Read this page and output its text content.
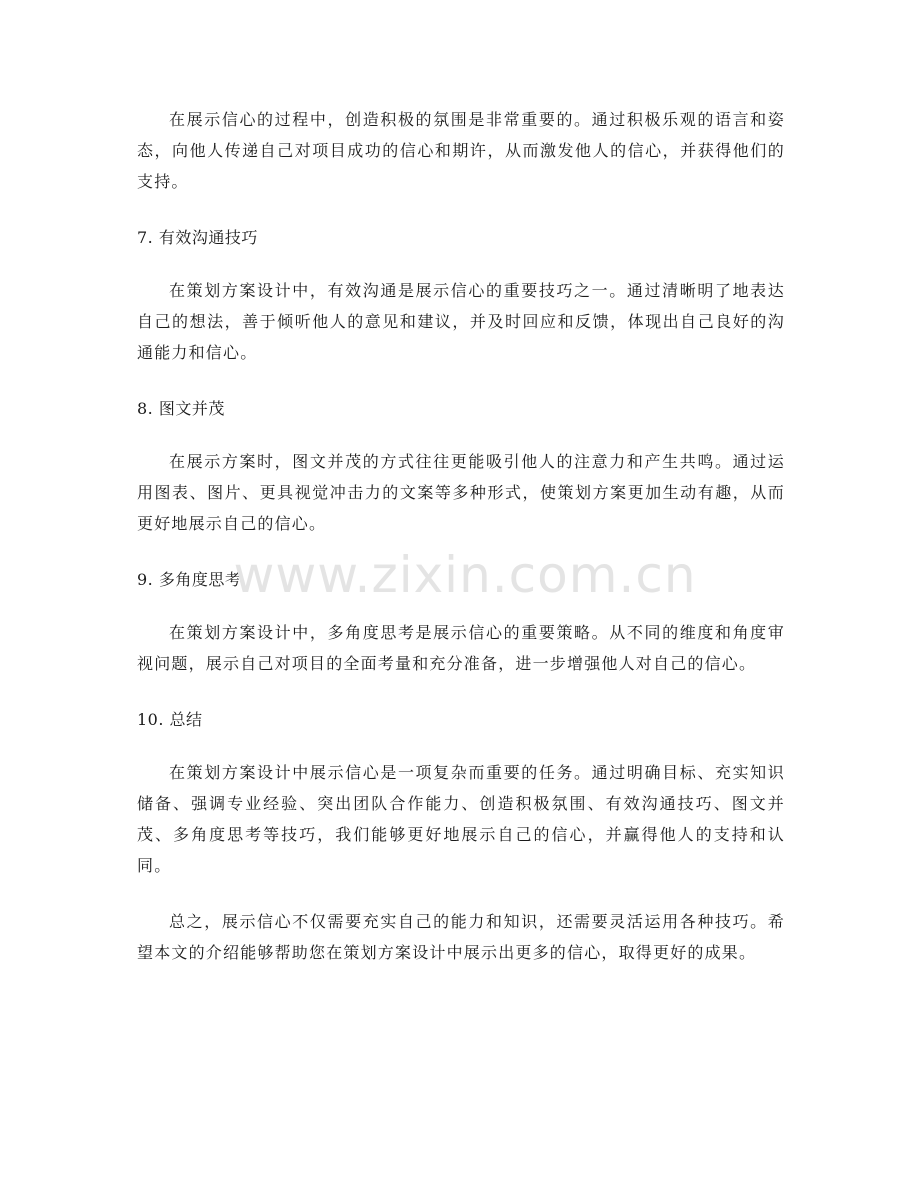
在展示信心的过程中，创造积极的氛围是非常重要的。通过积极乐观的语言和姿态，向他人传递自己对项目成功的信心和期许，从而激发他人的信心，并获得他们的支持。

7. 有效沟通技巧

在策划方案设计中，有效沟通是展示信心的重要技巧之一。通过清晰明了地表达自己的想法，善于倾听他人的意见和建议，并及时回应和反馈，体现出自己良好的沟通能力和信心。

8. 图文并茂

在展示方案时，图文并茂的方式往往更能吸引他人的注意力和产生共鸣。通过运用图表、图片、更具视觉冲击力的文案等多种形式，使策划方案更加生动有趣，从而更好地展示自己的信心。

9. 多角度思考

在策划方案设计中，多角度思考是展示信心的重要策略。从不同的维度和角度审视问题，展示自己对项目的全面考量和充分准备，进一步增强他人对自己的信心。

10. 总结

在策划方案设计中展示信心是一项复杂而重要的任务。通过明确目标、充实知识储备、强调专业经验、突出团队合作能力、创造积极氛围、有效沟通技巧、图文并茂、多角度思考等技巧，我们能够更好地展示自己的信心，并赢得他人的支持和认同。

总之，展示信心不仅需要充实自己的能力和知识，还需要灵活运用各种技巧。希望本文的介绍能够帮助您在策划方案设计中展示出更多的信心，取得更好的成果。

www.zixin.com.cn
